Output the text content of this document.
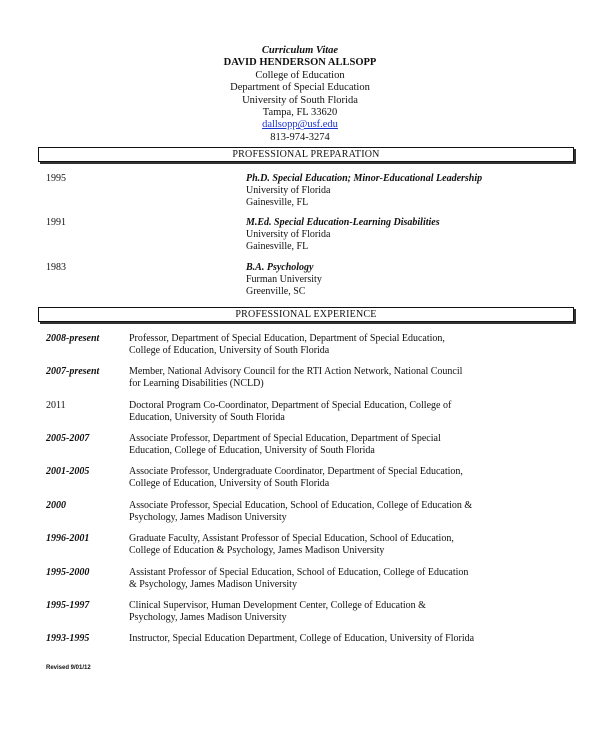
Curriculum Vitae
DAVID HENDERSON ALLSOPP
College of Education
Department of Special Education
University of South Florida
Tampa, FL 33620
dallsopp@usf.edu
813-974-3274
PROFESSIONAL PREPARATION
1995	Ph.D. Special Education; Minor-Educational Leadership
University of Florida
Gainesville, FL
1991	M.Ed. Special Education-Learning Disabilities
University of Florida
Gainesville, FL
1983	B.A. Psychology
Furman University
Greenville, SC
PROFESSIONAL EXPERIENCE
2008-present	Professor, Department of Special Education, Department of Special Education,
College of Education, University of South Florida
2007-present	Member, National Advisory Council for the RTI Action Network, National Council
for Learning Disabilities (NCLD)
2011	Doctoral Program Co-Coordinator, Department of Special Education, College of
Education, University of South Florida
2005-2007	Associate Professor, Department of Special Education, Department of Special
Education, College of Education, University of South Florida
2001-2005	Associate Professor, Undergraduate Coordinator, Department of Special Education,
College of Education, University of South Florida
2000	Associate Professor, Special Education, School of Education, College of Education &
Psychology, James Madison University
1996-2001	Graduate Faculty, Assistant Professor of Special Education, School of Education,
College of Education & Psychology, James Madison University
1995-2000	Assistant Professor of Special Education, School of Education, College of Education
& Psychology, James Madison University
1995-1997	Clinical Supervisor, Human Development Center, College of Education &
Psychology, James Madison University
1993-1995	Instructor, Special Education Department, College of Education, University of Florida
Revised 9/01/12
